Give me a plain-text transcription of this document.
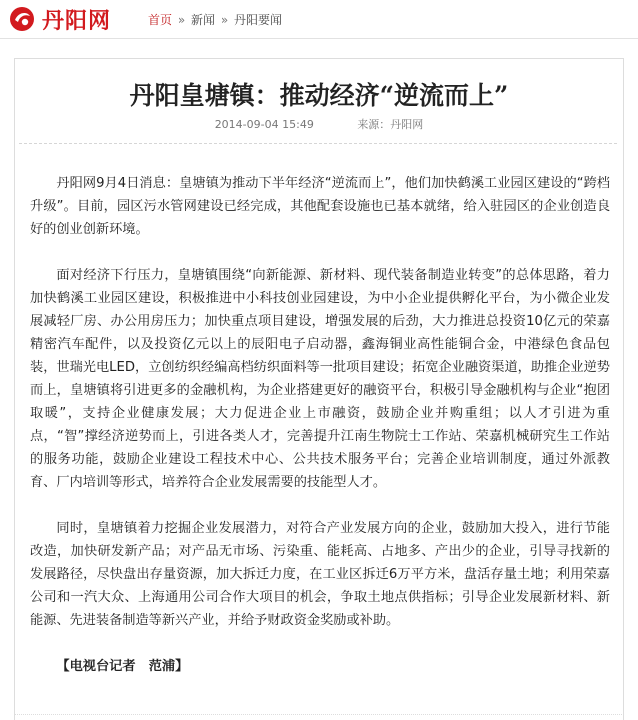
丹阳网	首页 » 新闻 » 丹阳要闻
丹阳皇塘镇：推动经济“逆流而上”
2014-09-04 15:49	来源：丹阳网

丹阳网9月4日消息：皇塘镇为推动下半年经济“逆流而上”，他们加快鹤溪工业园区建设的“跨档升级”。目前，园区污水管网建设已经完成，其他配套设施也已基本就绪，给入驻园区的企业创造良好的创业创新环境。

面对经济下行压力，皇塘镇围绕“向新能源、新材料、现代装备制造业转变”的总体思路，着力加快鹤溪工业园区建设，积极推进中小科技创业园建设，为中小企业提供孵化平台，为小微企业发展减轻厂房、办公用房压力；加快重点项目建设，增强发展的后劲，大力推进总投资10亿元的荣嘉精密汽车配件，以及投资亿元以上的辰阳电子启动器，鑫海铜业高性能铜合金，中港绿色食品包装，世瑞光电LED，立创纺织经编高档纺织面料等一批项目建设；拓宽企业融资渠道，助推企业逆势而上，皇塘镇将引进更多的金融机构，为企业搭建更好的融资平台，积极引导金融机构与企业“抱团取暖”，支持企业健康发展；大力促进企业上市融资，鼓励企业并购重组；以人才引进为重点，“智”撑经济逆势而上，引进各类人才，完善提升江南生物院士工作站、荣嘉机械研究生工作站的服务功能，鼓励企业建设工程技术中心、公共技术服务平台；完善企业培训制度，通过外派教育、厂内培训等形式，培养符合企业发展需要的技能型人才。

同时，皇塘镇着力挖掘企业发展潜力，对符合产业发展方向的企业，鼓励加大投入，进行节能改造，加快研发新产品；对产品无市场、污染重、能耗高、占地多、产出少的企业，引导寻找新的发展路径，尽快盘出存量资源，加大拆迁力度，在工业区拆迁6万平方米，盘活存量土地；利用荣嘉公司和一汽大众、上海通用公司合作大项目的机会，争取土地点供指标；引导企业发展新材料、新能源、先进装备制造等新兴产业，并给予财政资金奖励或补助。

【电视台记者　范浦】
